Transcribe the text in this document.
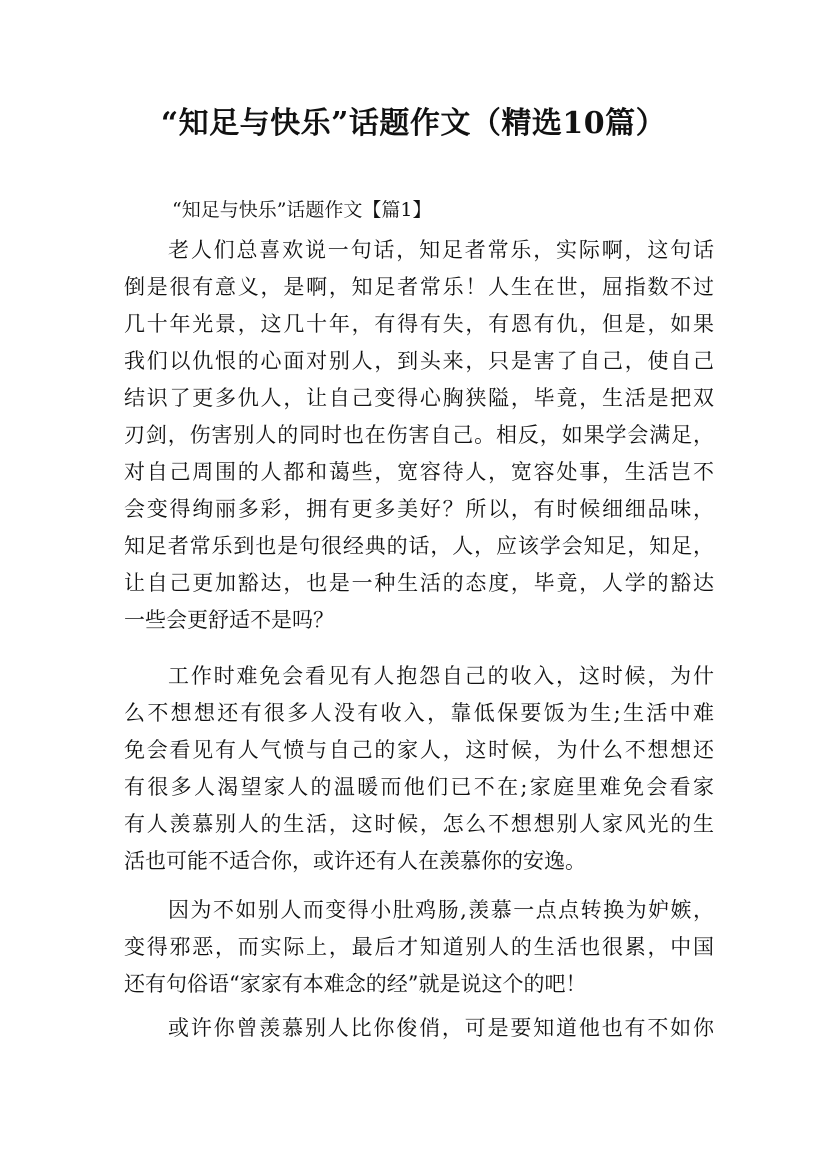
“知足与快乐”话题作文（精选10篇）
“知足与快乐”话题作文【篇1】
老人们总喜欢说一句话，知足者常乐，实际啊，这句话
倒是很有意义，是啊，知足者常乐！人生在世，屈指数不过
几十年光景，这几十年，有得有失，有恩有仇，但是，如果
我们以仇恨的心面对别人，到头来，只是害了自己，使自己
结识了更多仇人，让自己变得心胸狭隘，毕竟，生活是把双
刃剑，伤害别人的同时也在伤害自己。相反，如果学会满足，
对自己周围的人都和蔼些，宽容待人，宽容处事，生活岂不
会变得绚丽多彩，拥有更多美好？所以，有时候细细品味，
知足者常乐到也是句很经典的话，人，应该学会知足，知足，
让自己更加豁达，也是一种生活的态度，毕竟，人学的豁达
一些会更舒适不是吗？
工作时难免会看见有人抱怨自己的收入，这时候，为什
么不想想还有很多人没有收入，靠低保要饭为生;生活中难
免会看见有人气愤与自己的家人，这时候，为什么不想想还
有很多人渴望家人的温暖而他们已不在;家庭里难免会看家
有人羡慕别人的生活，这时候，怎么不想想别人家风光的生
活也可能不适合你，或许还有人在羡慕你的安逸。
因为不如别人而变得小肚鸡肠,羡慕一点点转换为妒嫉，
变得邪恶，而实际上，最后才知道别人的生活也很累，中国
还有句俗语“家家有本难念的经”就是说这个的吧！
或许你曾羡慕别人比你俊俏，可是要知道他也有不如你
